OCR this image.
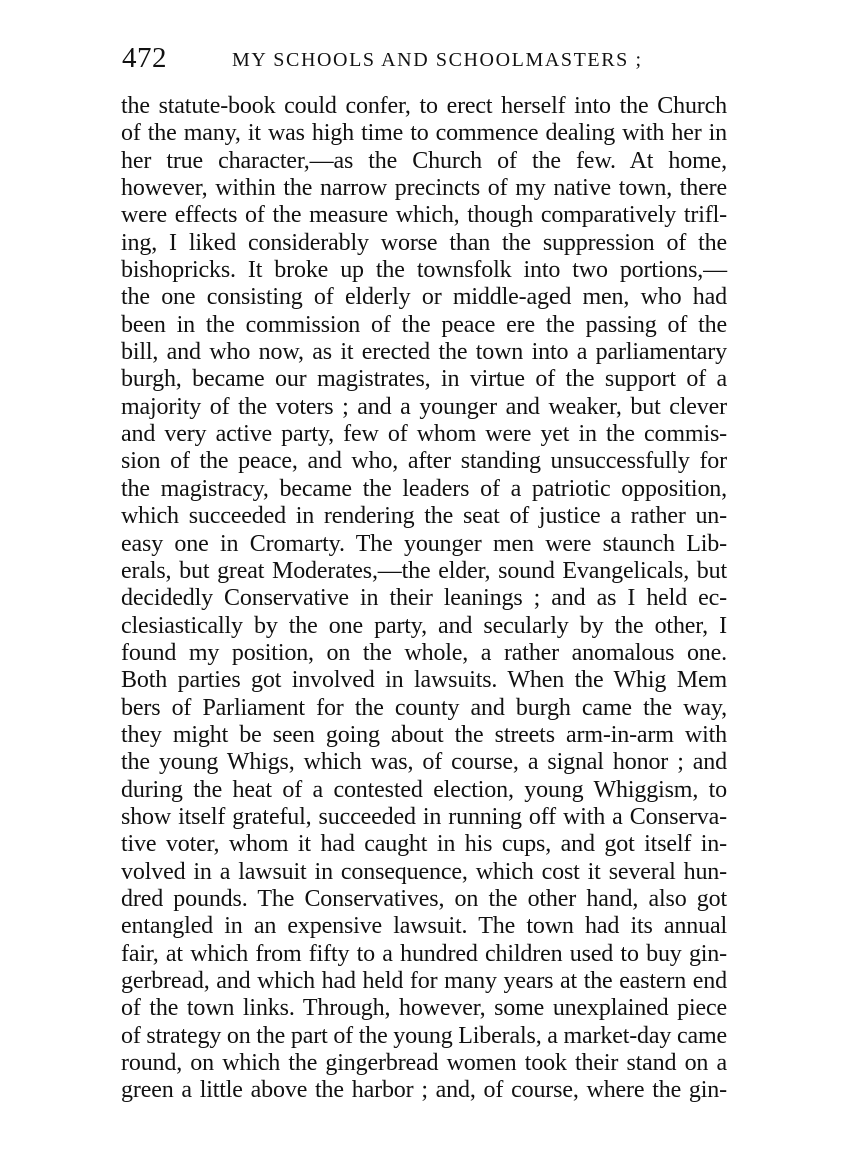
472	MY SCHOOLS AND SCHOOLMASTERS ;
the statute-book could confer, to erect herself into the Church
of the many, it was high time to commence dealing with her in
her true character,—as the Church of the few. At home,
however, within the narrow precincts of my native town, there
were effects of the measure which, though comparatively trifl-
ing, I liked considerably worse than the suppression of the
bishopricks. It broke up the townsfolk into two portions,—
the one consisting of elderly or middle-aged men, who had
been in the commission of the peace ere the passing of the
bill, and who now, as it erected the town into a parliamentary
burgh, became our magistrates, in virtue of the support of a
majority of the voters ; and a younger and weaker, but clever
and very active party, few of whom were yet in the commis-
sion of the peace, and who, after standing unsuccessfully for
the magistracy, became the leaders of a patriotic opposition,
which succeeded in rendering the seat of justice a rather un-
easy one in Cromarty. The younger men were staunch Lib-
erals, but great Moderates,—the elder, sound Evangelicals, but
decidedly Conservative in their leanings ; and as I held ec-
clesiastically by the one party, and secularly by the other, I
found my position, on the whole, a rather anomalous one.
Both parties got involved in lawsuits. When the Whig Mem
bers of Parliament for the county and burgh came the way,
they might be seen going about the streets arm-in-arm with
the young Whigs, which was, of course, a signal honor ; and
during the heat of a contested election, young Whiggism, to
show itself grateful, succeeded in running off with a Conserva-
tive voter, whom it had caught in his cups, and got itself in-
volved in a lawsuit in consequence, which cost it several hun-
dred pounds. The Conservatives, on the other hand, also got
entangled in an expensive lawsuit. The town had its annual
fair, at which from fifty to a hundred children used to buy gin-
gerbread, and which had held for many years at the eastern end
of the town links. Through, however, some unexplained piece
of strategy on the part of the young Liberals, a market-day came
round, on which the gingerbread women took their stand on a
green a little above the harbor ; and, of course, where the gin-
